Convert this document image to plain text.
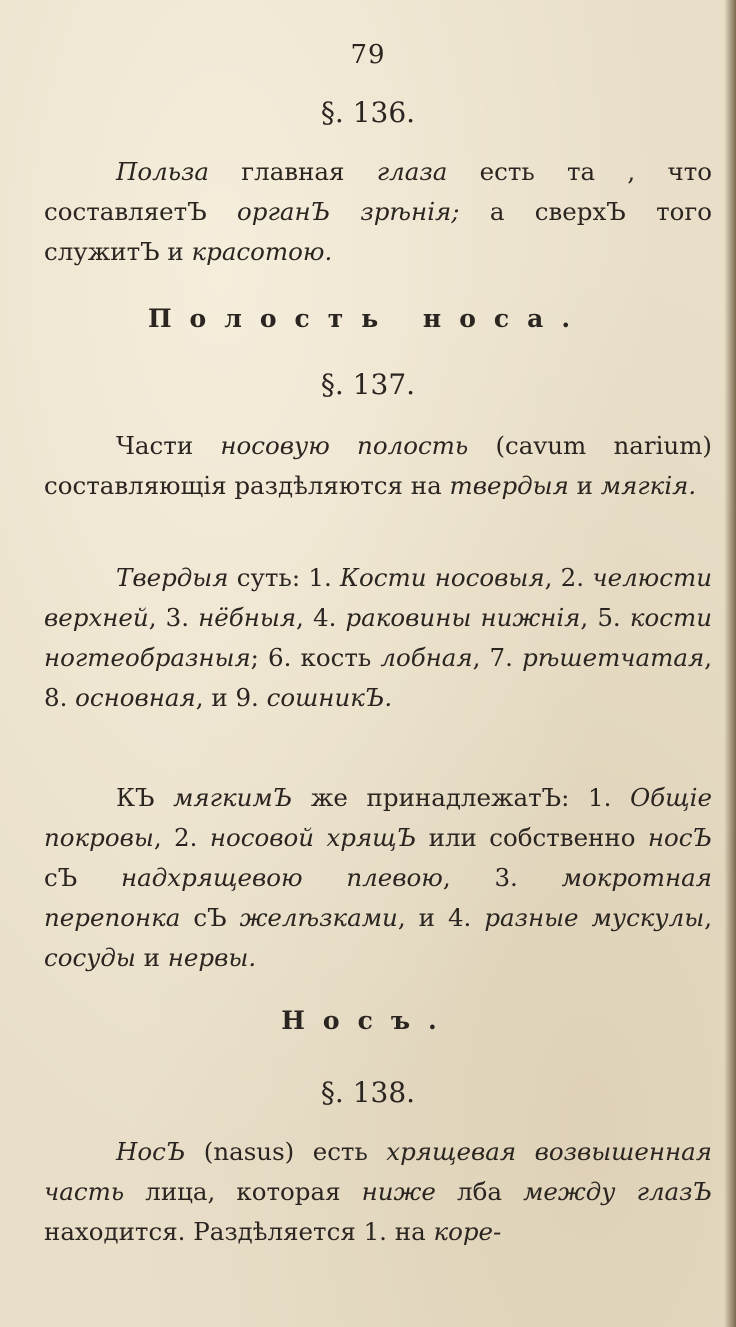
79
§. 136.
Польза главная глаза есть та , что составляетЪ органЪ зрѣнія; а сверхЪ того служитЪ и красотою.
Полость носа.
§. 137.
Части носовую полость (cavum narium) составляющія раздѣляются на твердыя и мягкія.
Твердыя суть: 1. Кости носовыя, 2. челюсти верхней, 3. нёбныя, 4. раковины нижнія, 5. кости ногтеобразныя; 6. кость лобная, 7. рѣшетчатая, 8. основная, и 9. сошникЪ.
КЪ мягкимЪ же принадлежатЪ: 1. Общіе покровы, 2. носовой хрящЪ или собственно носЪ сЪ надхрящевою плевою, 3. мокротная перепонка сЪ желѣзками, и 4. разные мускулы, сосуды и нервы.
Носъ.
§. 138.
НосЪ (nasus) есть хрящевая возвышенная часть лица, которая ниже лба между глазЪ находится. Раздѣляется 1. на коре-
